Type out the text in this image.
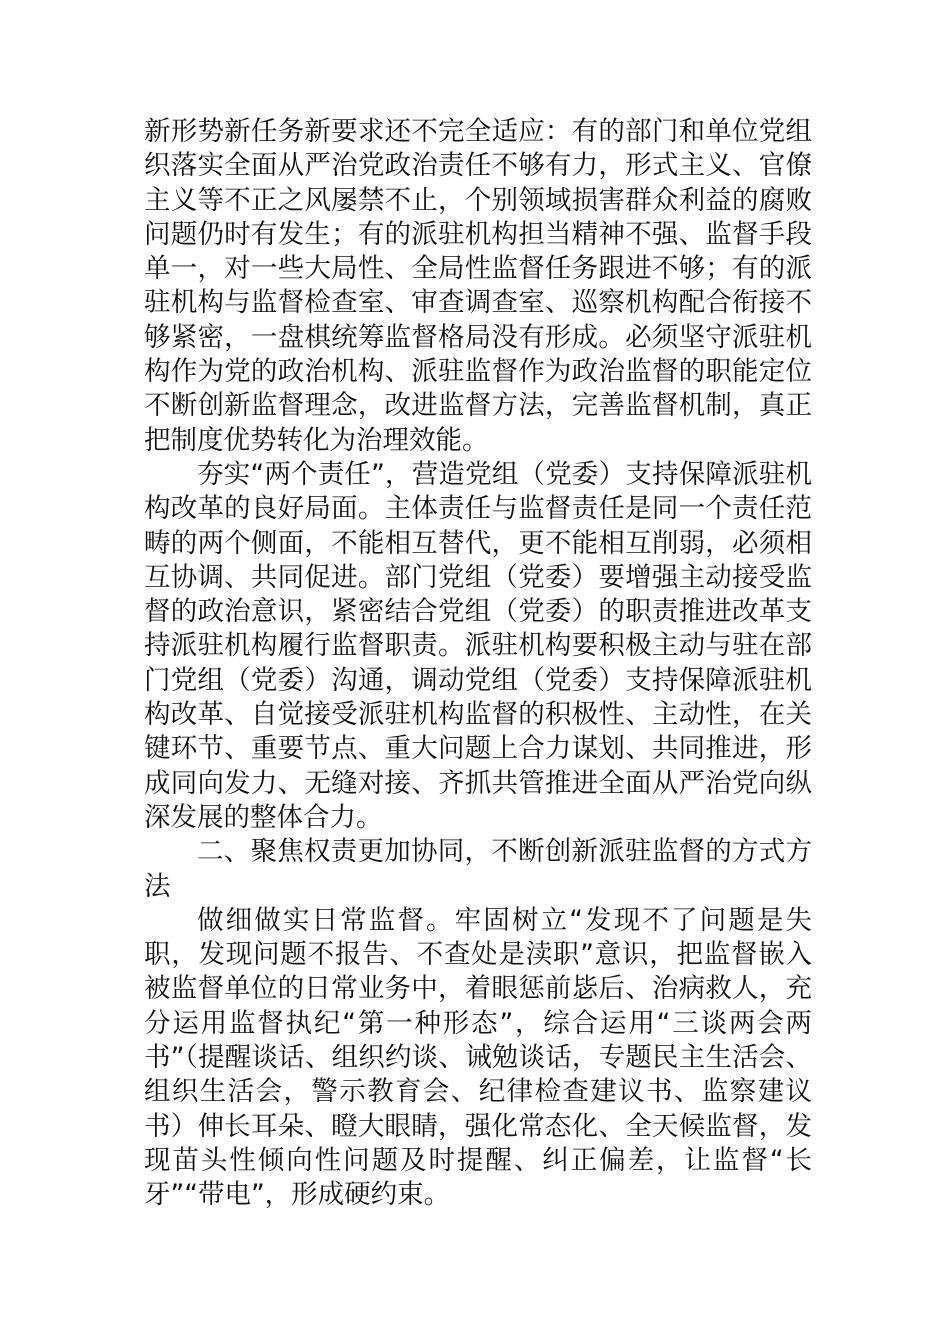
新形势新任务新要求还不完全适应：有的部门和单位党组织落实全面从严治党政治责任不够有力，形式主义、官僚主义等不正之风屡禁不止，个别领域损害群众利益的腐败问题仍时有发生；有的派驻机构担当精神不强、监督手段单一，对一些大局性、全局性监督任务跟进不够；有的派驻机构与监督检查室、审查调查室、巡察机构配合衔接不够紧密，一盘棋统筹监督格局没有形成。必须坚守派驻机构作为党的政治机构、派驻监督作为政治监督的职能定位不断创新监督理念，改进监督方法，完善监督机制，真正把制度优势转化为治理效能。

夯实“两个责任”，营造党组（党委）支持保障派驻机构改革的良好局面。主体责任与监督责任是同一个责任范畴的两个侧面，不能相互替代，更不能相互削弱，必须相互协调、共同促进。部门党组（党委）要增强主动接受监督的政治意识，紧密结合党组（党委）的职责推进改革支持派驻机构履行监督职责。派驻机构要积极主动与驻在部门党组（党委）沟通，调动党组（党委）支持保障派驻机构改革、自觉接受派驻机构监督的积极性、主动性，在关键环节、重要节点、重大问题上合力谋划、共同推进，形成同向发力、无缝对接、齐抓共管推进全面从严治党向纵深发展的整体合力。

二、聚焦权责更加协同，不断创新派驻监督的方式方法

做细做实日常监督。牢固树立“发现不了问题是失职，发现问题不报告、不查处是渎职”意识，把监督嵌入被监督单位的日常业务中，着眼惩前毖后、治病救人，充分运用监督执纪“第一种形态”，综合运用“三谈两会两书”（提醒谈话、组织约谈、诫勉谈话，专题民主生活会、组织生活会，警示教育会、纪律检查建议书、监察建议书）伸长耳朵、瞪大眼睛，强化常态化、全天候监督，发现苗头性倾向性问题及时提醒、纠正偏差，让监督“长牙”“带电”，形成硬约束。
